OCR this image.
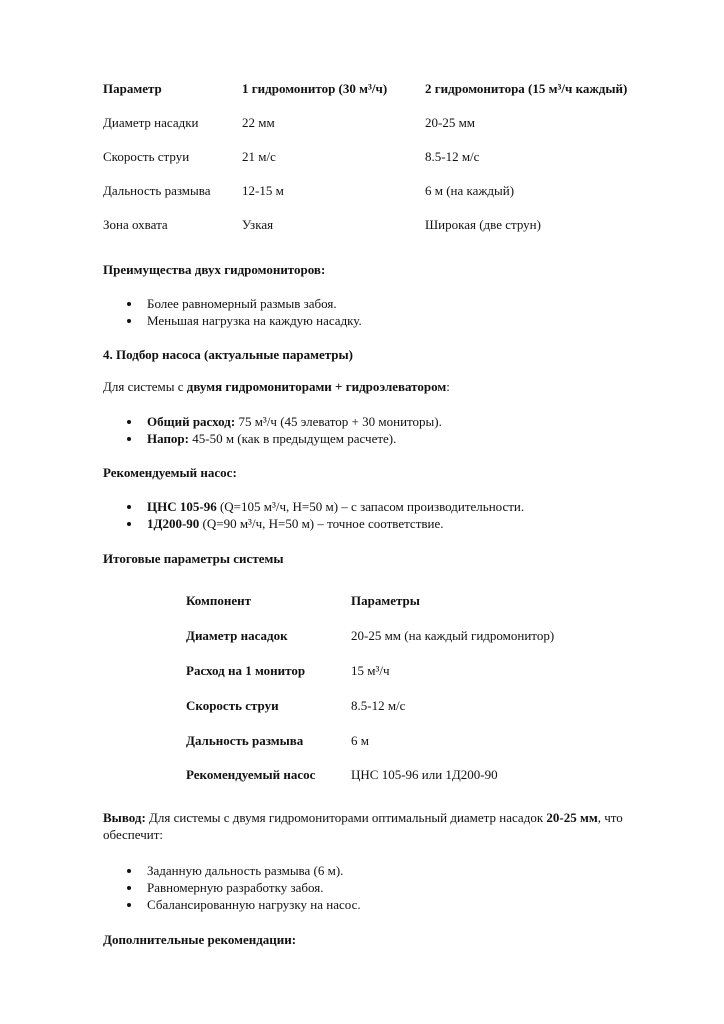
Параметр	1 гидромонитор (30 м³/ч)	2 гидромонитора (15 м³/ч каждый)
Диаметр насадки	22 мм	20-25 мм
Скорость струи	21 м/с	8.5-12 м/с
Дальность размыва	12-15 м	6 м (на каждый)
Зона охвата	Узкая	Широкая (две струн)
Преимущества двух гидромониторов:
Более равномерный размыв забоя.
Меньшая нагрузка на каждую насадку.
4. Подбор насоса (актуальные параметры)
Для системы с двумя гидромониторами + гидроэлеватором:
Общий расход: 75 м³/ч (45 элеватор + 30 мониторы).
Напор: 45-50 м (как в предыдущем расчете).
Рекомендуемый насос:
ЦНС 105-96 (Q=105 м³/ч, H=50 м) – с запасом производительности.
1Д200-90 (Q=90 м³/ч, H=50 м) – точное соответствие.
Итоговые параметры системы
Компонент	Параметры
Диаметр насадок	20-25 мм (на каждый гидромонитор)
Расход на 1 монитор	15 м³/ч
Скорость струи	8.5-12 м/с
Дальность размыва	6 м
Рекомендуемый насос	ЦНС 105-96 или 1Д200-90
Вывод: Для системы с двумя гидромониторами оптимальный диаметр насадок 20-25 мм, что обеспечит:
Заданную дальность размыва (6 м).
Равномерную разработку забоя.
Сбалансированную нагрузку на насос.
Дополнительные рекомендации:
